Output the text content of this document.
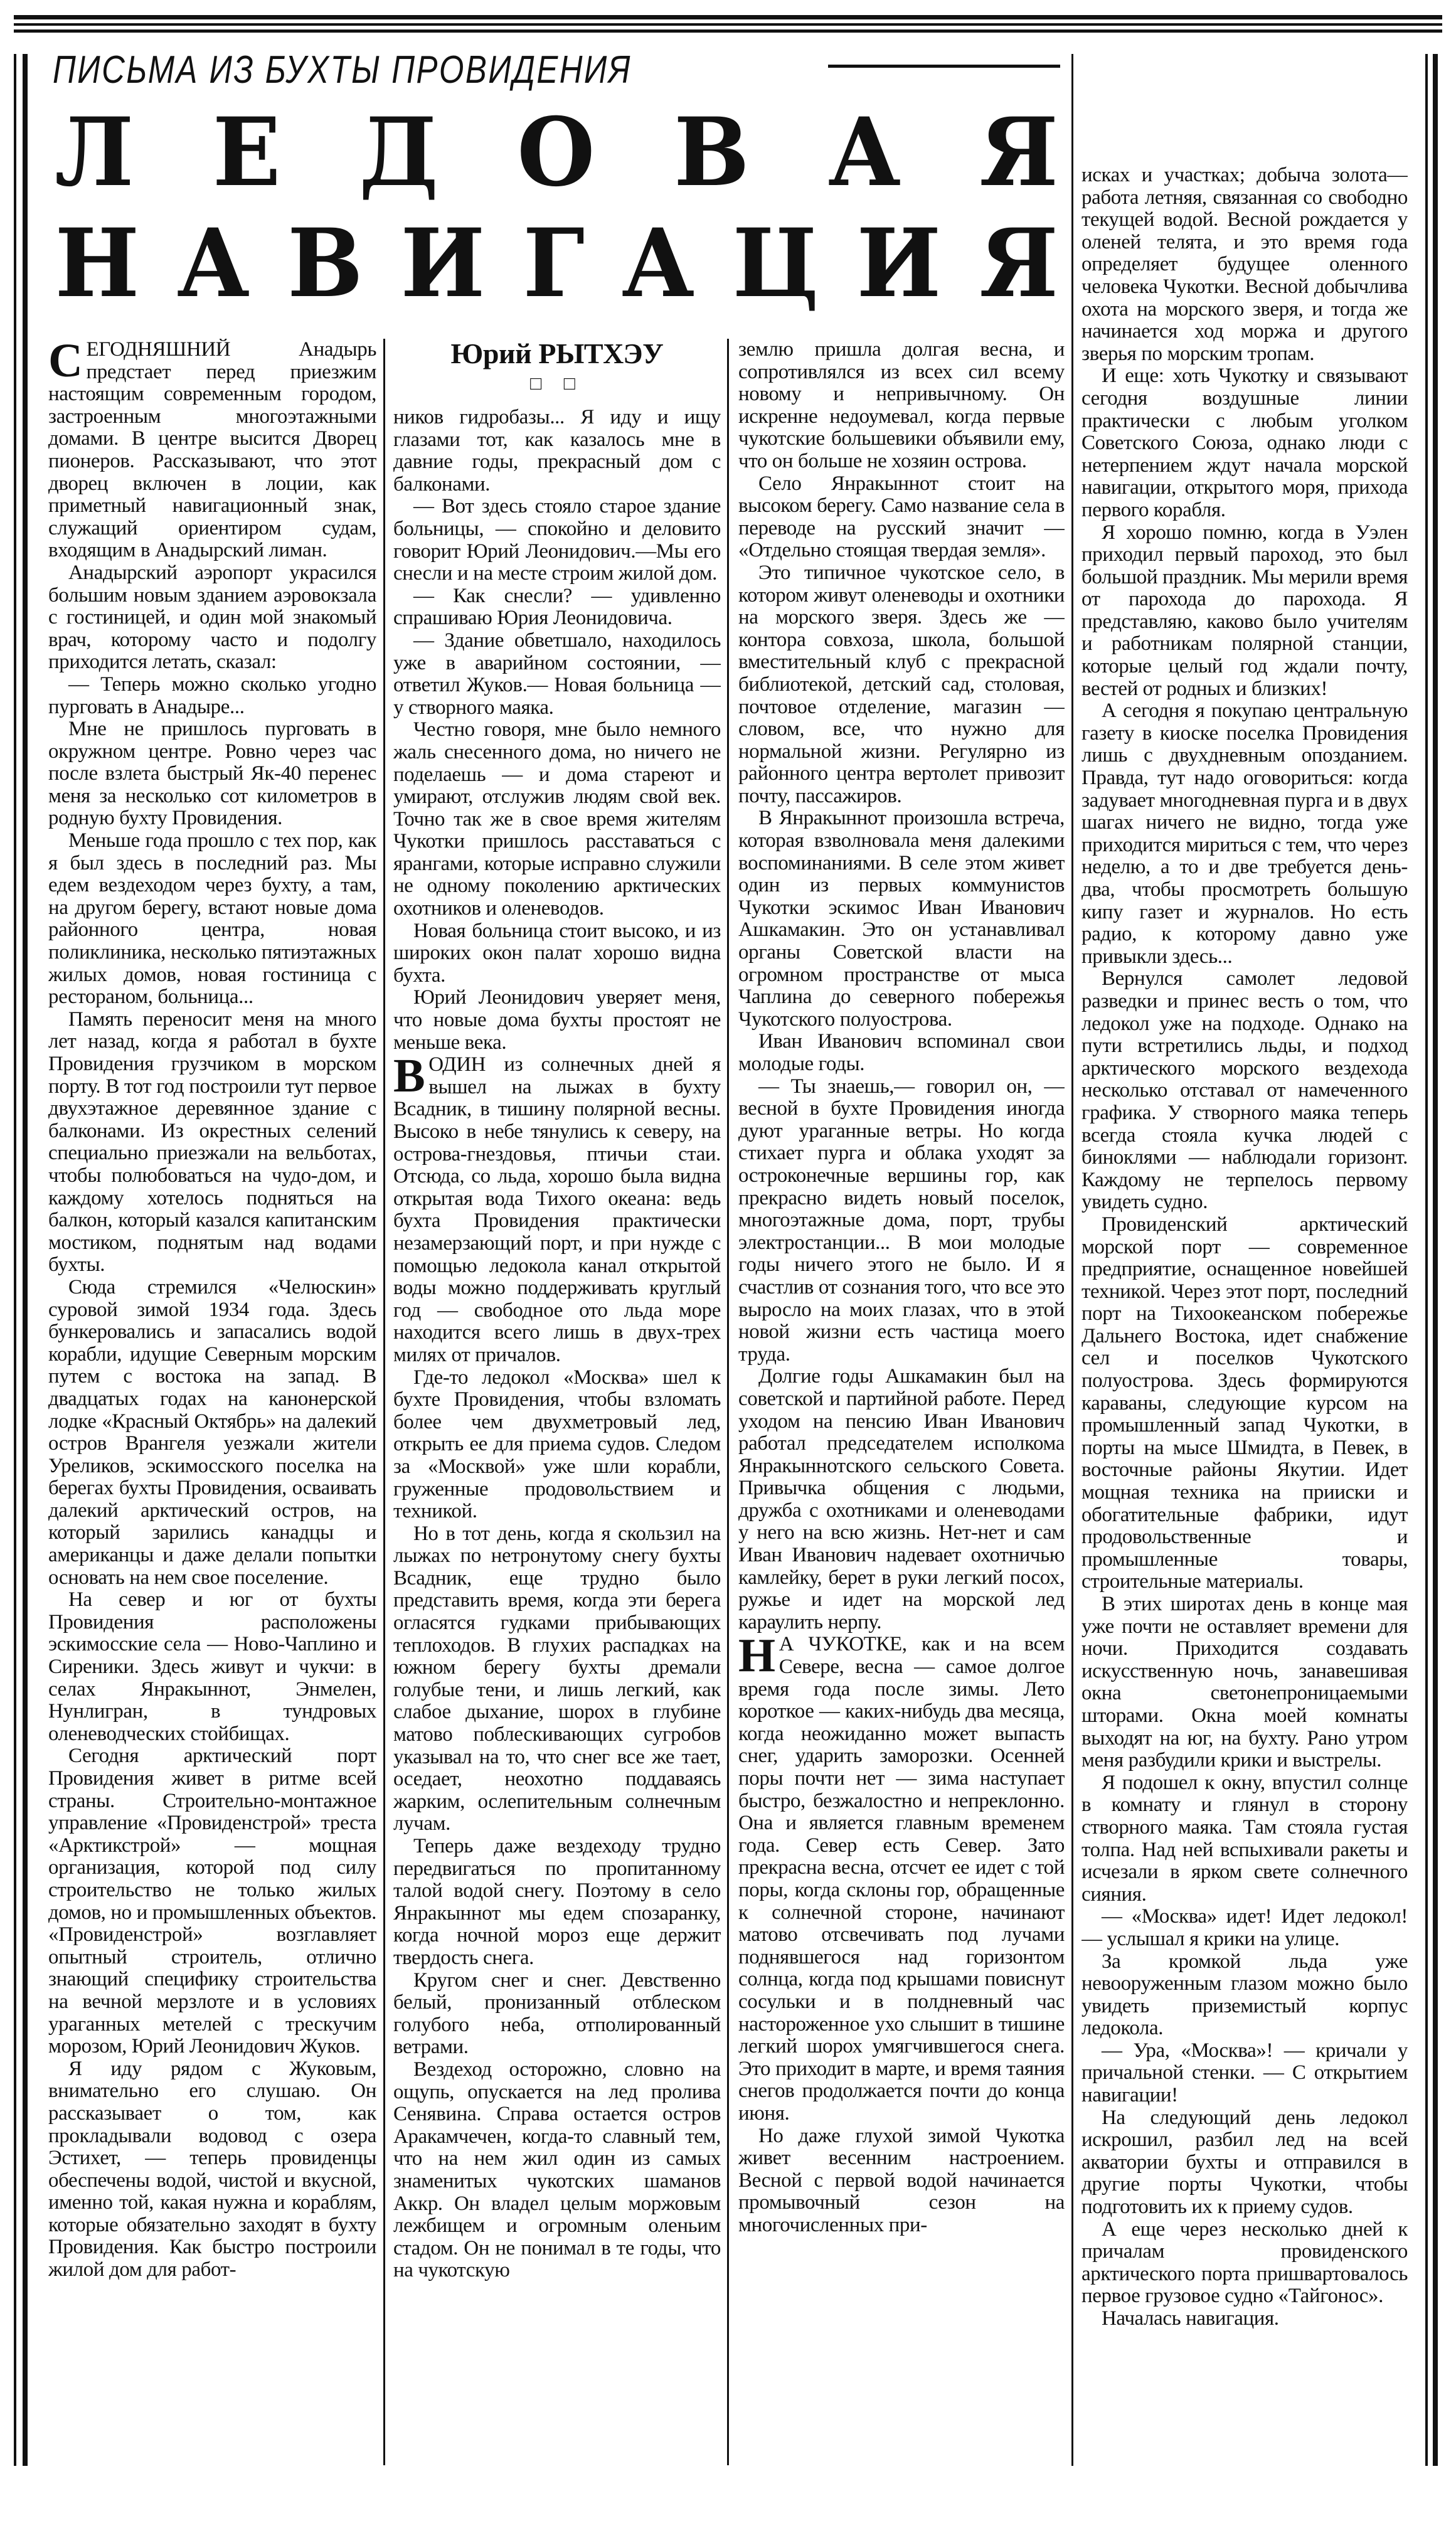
ПИСЬМА ИЗ БУХТЫ ПРОВИДЕНИЯ
Л Е Д О В А Я
Н А В И Г А Ц И Я

СЕГОДНЯШНИЙ Анадырь предстает перед приезжим настоящим современным городом, застроенным многоэтажными домами. В центре высится Дворец пионеров. Рассказывают, что этот дворец включен в лоции, как приметный навигационный знак, служащий ориентиром судам, входящим в Анадырский лиман.

Анадырский аэропорт украсился большим новым зданием аэровокзала с гостиницей, и один мой знакомый врач, которому часто и подолгу приходится летать, сказал:

— Теперь можно сколько угодно пурговать в Анадыре...

Мне не пришлось пурговать в окружном центре. Ровно через час после взлета быстрый Як-40 перенес меня за несколько сот километров в родную бухту Провидения.

Меньше года прошло с тех пор, как я был здесь в последний раз. Мы едем вездеходом через бухту, а там, на другом берегу, встают новые дома районного центра, новая поликлиника, несколько пятиэтажных жилых домов, новая гостиница с рестораном, больница...

Память переносит меня на много лет назад, когда я работал в бухте Провидения грузчиком в морском порту. В тот год построили тут первое двухэтажное деревянное здание с балконами. Из окрестных селений специально приезжали на вельботах, чтобы полюбоваться на чудо-дом, и каждому хотелось подняться на балкон, который казался капитанским мостиком, поднятым над водами бухты.

Сюда стремился «Челюскин» суровой зимой 1934 года. Здесь бункеровались и запасались водой корабли, идущие Северным морским путем с востока на запад. В двадцатых годах на канонерской лодке «Красный Октябрь» на далекий остров Врангеля уезжали жители Уреликов, эскимосского поселка на берегах бухты Провидения, осваивать далекий арктический остров, на который зарились канадцы и американцы и даже делали попытки основать на нем свое поселение.

На север и юг от бухты Провидения расположены эскимосские села — Ново-Чаплино и Сиреники. Здесь живут и чукчи: в селах Янракыннот, Энмелен, Нунлигран, в тундровых оленеводческих стойбищах.

Сегодня арктический порт Провидения живет в ритме всей страны. Строительно-монтажное управление «Провиденстрой» треста «Арктикстрой» — мощная организация, которой под силу строительство не только жилых домов, но и промышленных объектов. «Провиденстрой» возглавляет опытный строитель, отлично знающий специфику строительства на вечной мерзлоте и в условиях ураганных метелей с трескучим морозом, Юрий Леонидович Жуков.

Я иду рядом с Жуковым, внимательно его слушаю. Он рассказывает о том, как прокладывали водовод с озера Эстихет, — теперь провиденцы обеспечены водой, чистой и вкусной, именно той, какая нужна и кораблям, которые обязательно заходят в бухту Провидения. Как быстро построили жилой дом для работ-

Юрий РЫТХЭУ
□ □

ников гидробазы... Я иду и ищу глазами тот, как казалось мне в давние годы, прекрасный дом с балконами.

— Вот здесь стояло старое здание больницы, — спокойно и деловито говорит Юрий Леонидович.—Мы его снесли и на месте строим жилой дом.

— Как снесли? — удивленно спрашиваю Юрия Леонидовича.

— Здание обветшало, находилось уже в аварийном состоянии, — ответил Жуков.— Новая больница — у створного маяка.

Честно говоря, мне было немного жаль снесенного дома, но ничего не поделаешь — и дома стареют и умирают, отслужив людям свой век. Точно так же в свое время жителям Чукотки пришлось расставаться с ярангами, которые исправно служили не одному поколению арктических охотников и оленеводов.

Новая больница стоит высоко, и из широких окон палат хорошо видна бухта.

Юрий Леонидович уверяет меня, что новые дома бухты простоят не меньше века.

В ОДИН из солнечных дней я вышел на лыжах в бухту Всадник, в тишину полярной весны. Высоко в небе тянулись к северу, на острова-гнездовья, птичьи стаи. Отсюда, со льда, хорошо была видна открытая вода Тихого океана: ведь бухта Провидения практически незамерзающий порт, и при нужде с помощью ледокола канал открытой воды можно поддерживать круглый год — свободное ото льда море находится всего лишь в двух-трех милях от причалов.

Где-то ледокол «Москва» шел к бухте Провидения, чтобы взломать более чем двухметровый лед, открыть ее для приема судов. Следом за «Москвой» уже шли корабли, груженные продовольствием и техникой.

Но в тот день, когда я скользил на лыжах по нетронутому снегу бухты Всадник, еще трудно было представить время, когда эти берега огласятся гудками прибывающих теплоходов. В глухих распадках на южном берегу бухты дремали голубые тени, и лишь легкий, как слабое дыхание, шорох в глубине матово поблескивающих сугробов указывал на то, что снег все же тает, оседает, неохотно поддаваясь жарким, ослепительным солнечным лучам.

Теперь даже вездеходу трудно передвигаться по пропитанному талой водой снегу. Поэтому в село Янракыннот мы едем спозаранку, когда ночной мороз еще держит твердость снега.

Кругом снег и снег. Девственно белый, пронизанный отблеском голубого неба, отполированный ветрами.

Вездеход осторожно, словно на ощупь, опускается на лед пролива Сенявина. Справа остается остров Аракамчечен, когда-то славный тем, что на нем жил один из самых знаменитых чукотских шаманов Аккр. Он владел целым моржовым лежбищем и огромным оленьим стадом. Он не понимал в те годы, что на чукотскую

землю пришла долгая весна, и сопротивлялся из всех сил всему новому и непривычному. Он искренне недоумевал, когда первые чукотские большевики объявили ему, что он больше не хозяин острова.

Село Янракыннот стоит на высоком берегу. Само название села в переводе на русский значит — «Отдельно стоящая твердая земля».

Это типичное чукотское село, в котором живут оленеводы и охотники на морского зверя. Здесь же — контора совхоза, школа, большой вместительный клуб с прекрасной библиотекой, детский сад, столовая, почтовое отделение, магазин — словом, все, что нужно для нормальной жизни. Регулярно из районного центра вертолет привозит почту, пассажиров.

В Янракыннот произошла встреча, которая взволновала меня далекими воспоминаниями. В селе этом живет один из первых коммунистов Чукотки эскимос Иван Иванович Ашкамакин. Это он устанавливал органы Советской власти на огромном пространстве от мыса Чаплина до северного побережья Чукотского полуострова.

Иван Иванович вспоминал свои молодые годы.

— Ты знаешь,— говорил он, — весной в бухте Провидения иногда дуют ураганные ветры. Но когда стихает пурга и облака уходят за остроконечные вершины гор, как прекрасно видеть новый поселок, многоэтажные дома, порт, трубы электростанции... В мои молодые годы ничего этого не было. И я счастлив от сознания того, что все это выросло на моих глазах, что в этой новой жизни есть частица моего труда.

Долгие годы Ашкамакин был на советской и партийной работе. Перед уходом на пенсию Иван Иванович работал председателем исполкома Янракыннотского сельского Совета. Привычка общения с людьми, дружба с охотниками и оленеводами у него на всю жизнь. Нет-нет и сам Иван Иванович надевает охотничью камлейку, берет в руки легкий посох, ружье и идет на морской лед караулить нерпу.

Н А ЧУКОТКЕ, как и на всем Севере, весна — самое долгое время года после зимы. Лето короткое — каких-нибудь два месяца, когда неожиданно может выпасть снег, ударить заморозки. Осенней поры почти нет — зима наступает быстро, безжалостно и непреклонно. Она и является главным временем года. Север есть Север. Зато прекрасна весна, отсчет ее идет с той поры, когда склоны гор, обращенные к солнечной стороне, начинают матово отсвечивать под лучами поднявшегося над горизонтом солнца, когда под крышами повиснут сосульки и в полдневный час настороженное ухо слышит в тишине легкий шорох умягчившегося снега. Это приходит в марте, и время таяния снегов продолжается почти до конца июня.

Но даже глухой зимой Чукотка живет весенним настроением. Весной с первой водой начинается промывочный сезон на многочисленных при-

исках и участках; добыча золота—работа летняя, связанная со свободно текущей водой. Весной рождается у оленей телята, и это время года определяет будущее оленного человека Чукотки. Весной добычлива охота на морского зверя, и тогда же начинается ход моржа и другого зверья по морским тропам.

И еще: хоть Чукотку и связывают сегодня воздушные линии практически с любым уголком Советского Союза, однако люди с нетерпением ждут начала морской навигации, открытого моря, прихода первого корабля.

Я хорошо помню, когда в Уэлен приходил первый пароход, это был большой праздник. Мы мерили время от парохода до парохода. Я представляю, каково было учителям и работникам полярной станции, которые целый год ждали почту, вестей от родных и близких!

А сегодня я покупаю центральную газету в киоске поселка Провидения лишь с двухдневным опозданием. Правда, тут надо оговориться: когда задувает многодневная пурга и в двух шагах ничего не видно, тогда уже приходится мириться с тем, что через неделю, а то и две требуется день-два, чтобы просмотреть большую кипу газет и журналов. Но есть радио, к которому давно уже привыкли здесь...

Вернулся самолет ледовой разведки и принес весть о том, что ледокол уже на подходе. Однако на пути встретились льды, и подход арктического морского вездехода несколько отставал от намеченного графика. У створного маяка теперь всегда стояла кучка людей с биноклями — наблюдали горизонт. Каждому не терпелось первому увидеть судно.

Провиденский арктический морской порт — современное предприятие, оснащенное новейшей техникой. Через этот порт, последний порт на Тихоокеанском побережье Дальнего Востока, идет снабжение сел и поселков Чукотского полуострова. Здесь формируются караваны, следующие курсом на промышленный запад Чукотки, в порты на мысе Шмидта, в Певек, в восточные районы Якутии. Идет мощная техника на прииски и обогатительные фабрики, идут продовольственные и промышленные товары, строительные материалы.

В этих широтах день в конце мая уже почти не оставляет времени для ночи. Приходится создавать искусственную ночь, занавешивая окна светонепроницаемыми шторами. Окна моей комнаты выходят на юг, на бухту. Рано утром меня разбудили крики и выстрелы.

Я подошел к окну, впустил солнце в комнату и глянул в сторону створного маяка. Там стояла густая толпа. Над ней вспыхивали ракеты и исчезали в ярком свете солнечного сияния.

— «Москва» идет! Идет ледокол! — услышал я крики на улице.

За кромкой льда уже невооруженным глазом можно было увидеть приземистый корпус ледокола.

— Ура, «Москва»! — кричали у причальной стенки. — С открытием навигации!

На следующий день ледокол искрошил, разбил лед на всей акватории бухты и отправился в другие порты Чукотки, чтобы подготовить их к приему судов.

А еще через несколько дней к причалам провиденского арктического порта пришвартовалось первое грузовое судно «Тайгонос».

Началась навигация.
